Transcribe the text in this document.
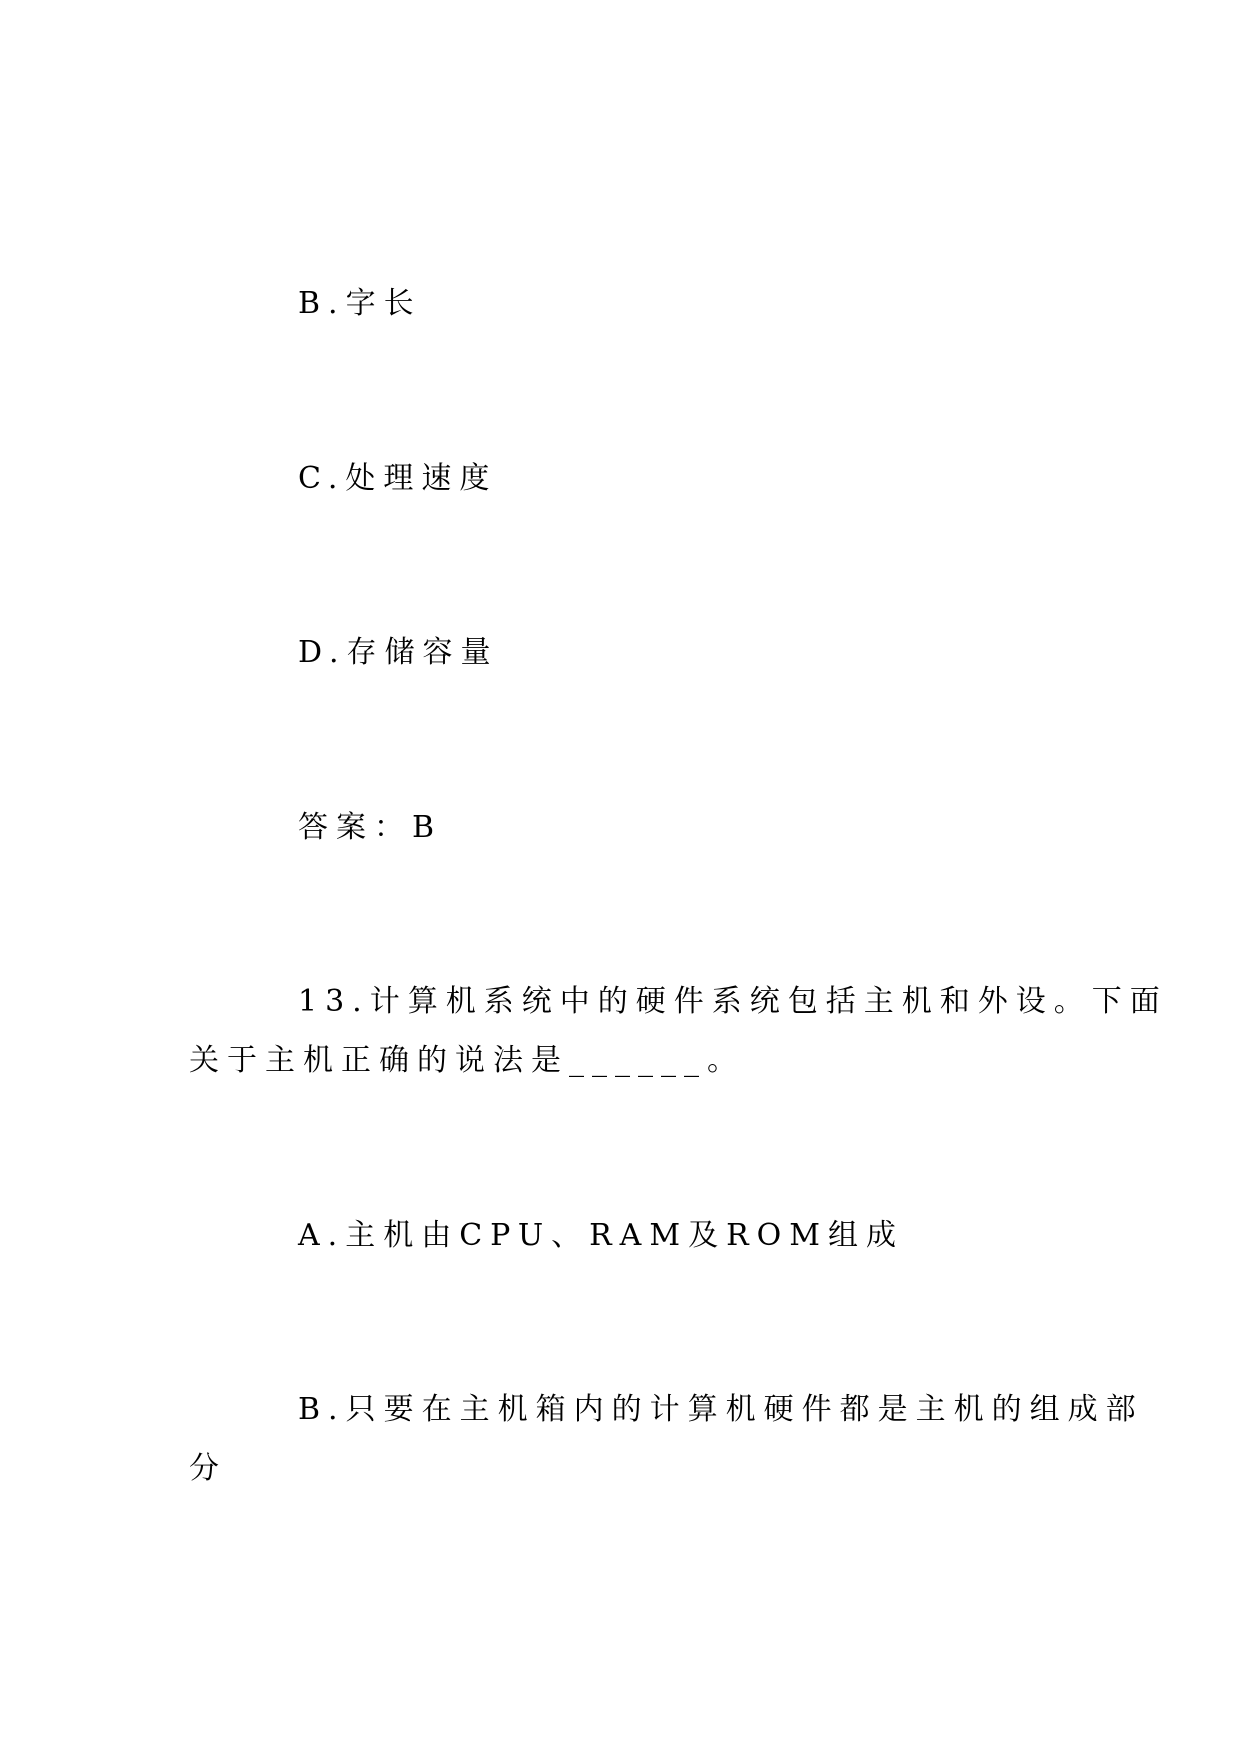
B.字长
C.处理速度
D.存储容量
答案：B
13.计算机系统中的硬件系统包括主机和外设。下面
关于主机正确的说法是______。
A.主机由CPU、RAM及ROM组成
B.只要在主机箱内的计算机硬件都是主机的组成部
分
